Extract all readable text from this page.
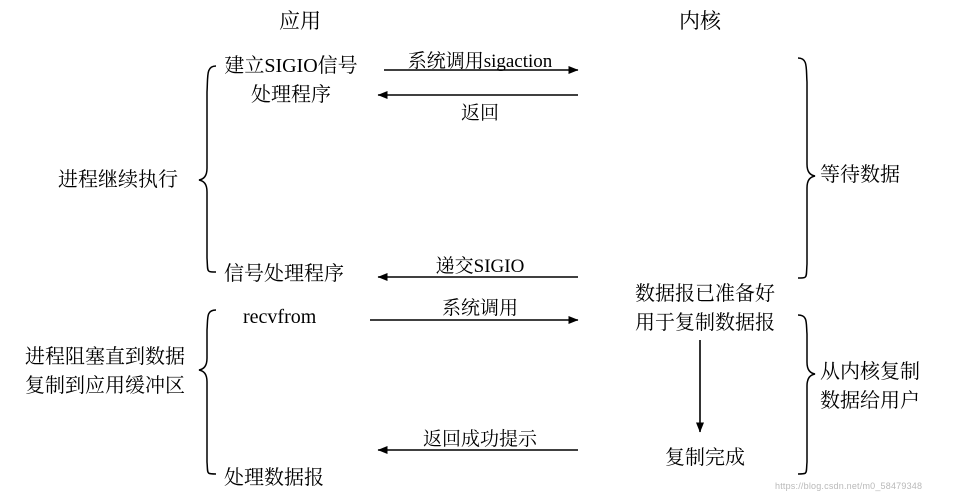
应用	内核
建立SIGIO信号
处理程序
信号处理程序
recvfrom
处理数据报
数据报已准备好
用于复制数据报
复制完成
系统调用sigaction
返回
递交SIGIO
系统调用
返回成功提示
进程继续执行
进程阻塞直到数据
复制到应用缓冲区
等待数据
从内核复制
数据给用户
https://blog.csdn.net/m0_58479348
